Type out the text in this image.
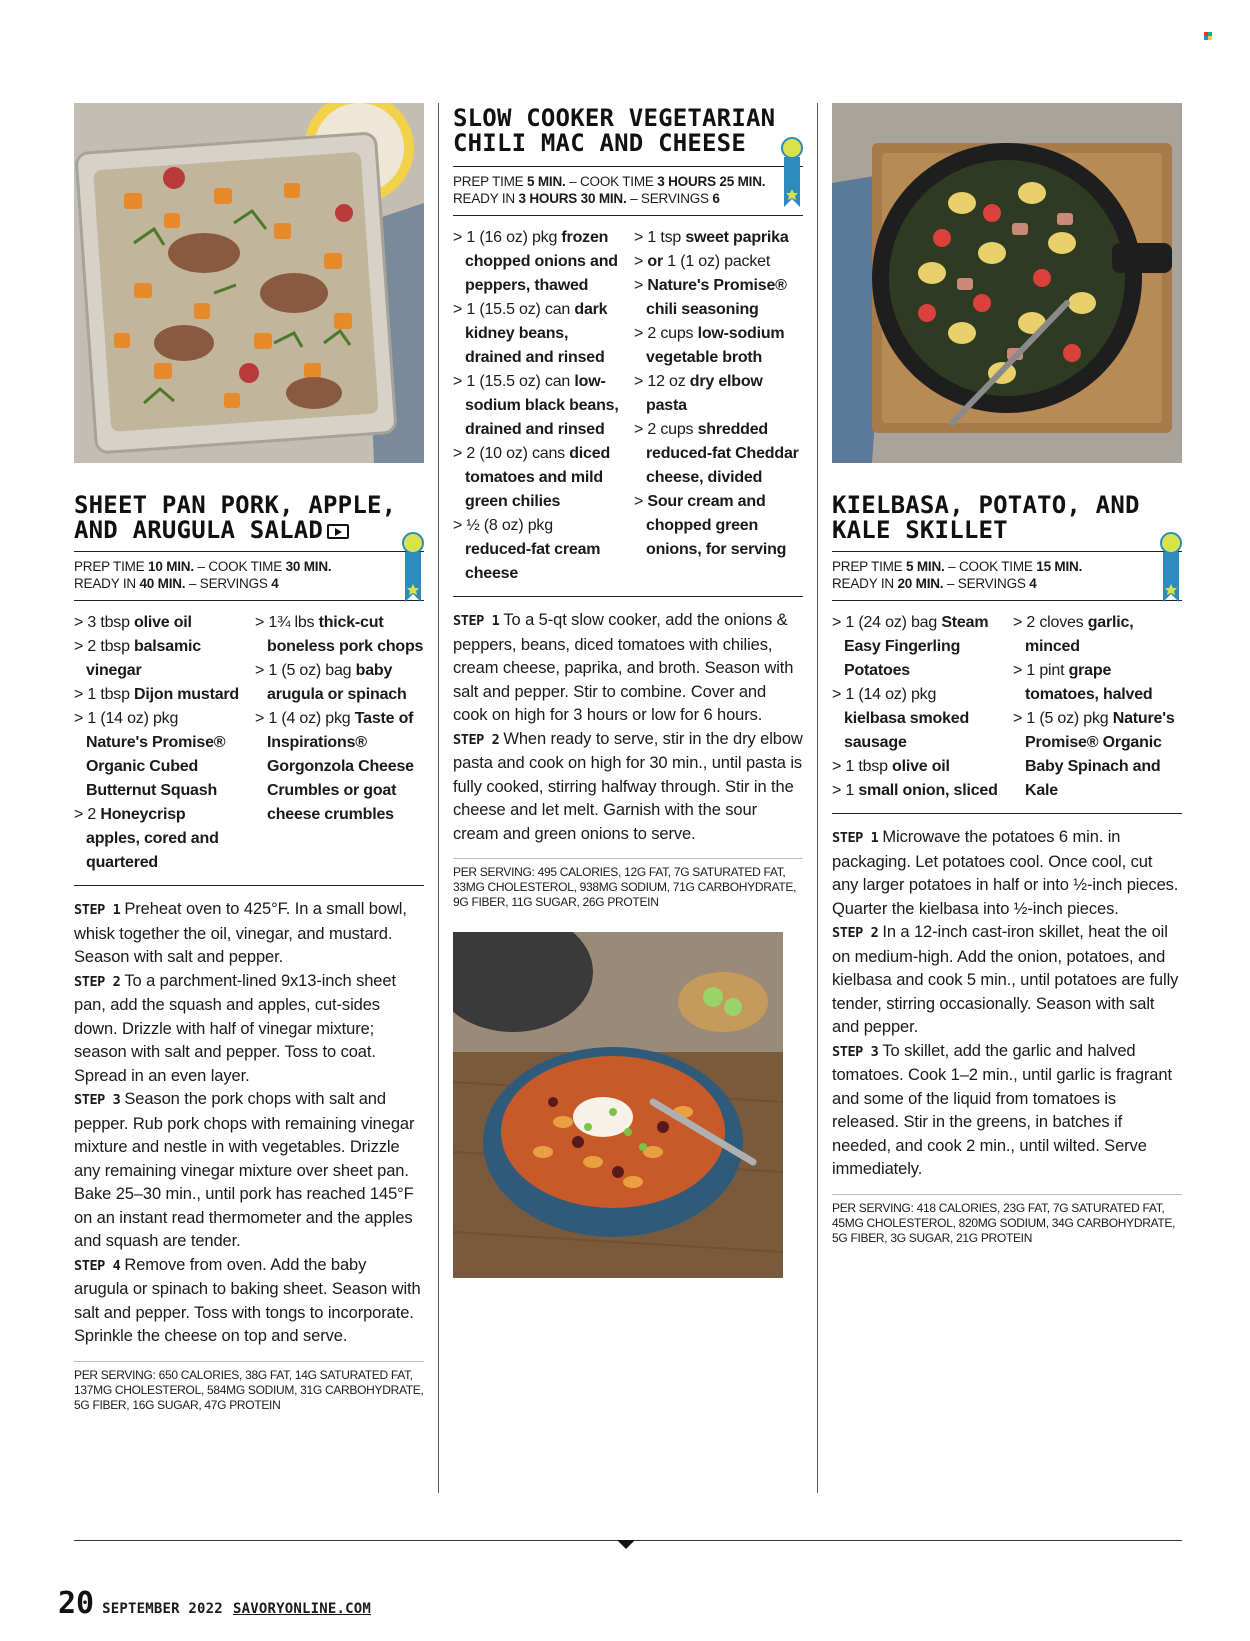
SHEET PAN PORK, APPLE, AND ARUGULA SALAD
PREP TIME 10 MIN. – COOK TIME 30 MIN.
READY IN 40 MIN. – SERVINGS 4
> 3 tbsp olive oil
> 2 tbsp balsamic vinegar
> 1 tbsp Dijon mustard
> 1 (14 oz) pkg Nature's Promise® Organic Cubed Butternut Squash
> 2 Honeycrisp apples, cored and quartered
> 1¾ lbs thick-cut boneless pork chops
> 1 (5 oz) bag baby arugula or spinach
> 1 (4 oz) pkg Taste of Inspirations® Gorgonzola Cheese Crumbles or goat cheese crumbles
STEP 1 Preheat oven to 425°F. In a small bowl, whisk together the oil, vinegar, and mustard. Season with salt and pepper.
STEP 2 To a parchment-lined 9x13-inch sheet pan, add the squash and apples, cut-sides down. Drizzle with half of vinegar mixture; season with salt and pepper. Toss to coat. Spread in an even layer.
STEP 3 Season the pork chops with salt and pepper. Rub pork chops with remaining vinegar mixture and nestle in with vegetables. Drizzle any remaining vinegar mixture over sheet pan. Bake 25–30 min., until pork has reached 145°F on an instant read thermometer and the apples and squash are tender.
STEP 4 Remove from oven. Add the baby arugula or spinach to baking sheet. Season with salt and pepper. Toss with tongs to incorporate. Sprinkle the cheese on top and serve.
PER SERVING: 650 CALORIES, 38G FAT, 14G SATURATED FAT, 137MG CHOLESTEROL, 584MG SODIUM, 31G CARBOHYDRATE, 5G FIBER, 16G SUGAR, 47G PROTEIN
SLOW COOKER VEGETARIAN CHILI MAC AND CHEESE
PREP TIME 5 MIN. – COOK TIME 3 HOURS 25 MIN.
READY IN 3 HOURS 30 MIN. – SERVINGS 6
> 1 (16 oz) pkg frozen chopped onions and peppers, thawed
> 1 (15.5 oz) can dark kidney beans, drained and rinsed
> 1 (15.5 oz) can low-sodium black beans, drained and rinsed
> 2 (10 oz) cans diced tomatoes and mild green chilies
> ½ (8 oz) pkg reduced-fat cream cheese
> 1 tsp sweet paprika
> or 1 (1 oz) packet
> Nature's Promise® chili seasoning
> 2 cups low-sodium vegetable broth
> 12 oz dry elbow pasta
> 2 cups shredded reduced-fat Cheddar cheese, divided
> Sour cream and chopped green onions, for serving
STEP 1 To a 5-qt slow cooker, add the onions & peppers, beans, diced tomatoes with chilies, cream cheese, paprika, and broth. Season with salt and pepper. Stir to combine. Cover and cook on high for 3 hours or low for 6 hours.
STEP 2 When ready to serve, stir in the dry elbow pasta and cook on high for 30 min., until pasta is fully cooked, stirring halfway through. Stir in the cheese and let melt. Garnish with the sour cream and green onions to serve.
PER SERVING: 495 CALORIES, 12G FAT, 7G SATURATED FAT, 33MG CHOLESTEROL, 938MG SODIUM, 71G CARBOHYDRATE, 9G FIBER, 11G SUGAR, 26G PROTEIN
KIELBASA, POTATO, AND KALE SKILLET
PREP TIME 5 MIN. – COOK TIME 15 MIN.
READY IN 20 MIN. – SERVINGS 4
> 1 (24 oz) bag Steam Easy Fingerling Potatoes
> 1 (14 oz) pkg kielbasa smoked sausage
> 1 tbsp olive oil
> 1 small onion, sliced
> 2 cloves garlic, minced
> 1 pint grape tomatoes, halved
> 1 (5 oz) pkg Nature's Promise® Organic Baby Spinach and Kale
STEP 1 Microwave the potatoes 6 min. in packaging. Let potatoes cool. Once cool, cut any larger potatoes in half or into ½-inch pieces. Quarter the kielbasa into ½-inch pieces.
STEP 2 In a 12-inch cast-iron skillet, heat the oil on medium-high. Add the onion, potatoes, and kielbasa and cook 5 min., until potatoes are fully tender, stirring occasionally. Season with salt and pepper.
STEP 3 To skillet, add the garlic and halved tomatoes. Cook 1–2 min., until garlic is fragrant and some of the liquid from tomatoes is released. Stir in the greens, in batches if needed, and cook 2 min., until wilted. Serve immediately.
PER SERVING: 418 CALORIES, 23G FAT, 7G SATURATED FAT, 45MG CHOLESTEROL, 820MG SODIUM, 34G CARBOHYDRATE, 5G FIBER, 3G SUGAR, 21G PROTEIN
20 SEPTEMBER 2022 SAVORYONLINE.COM
